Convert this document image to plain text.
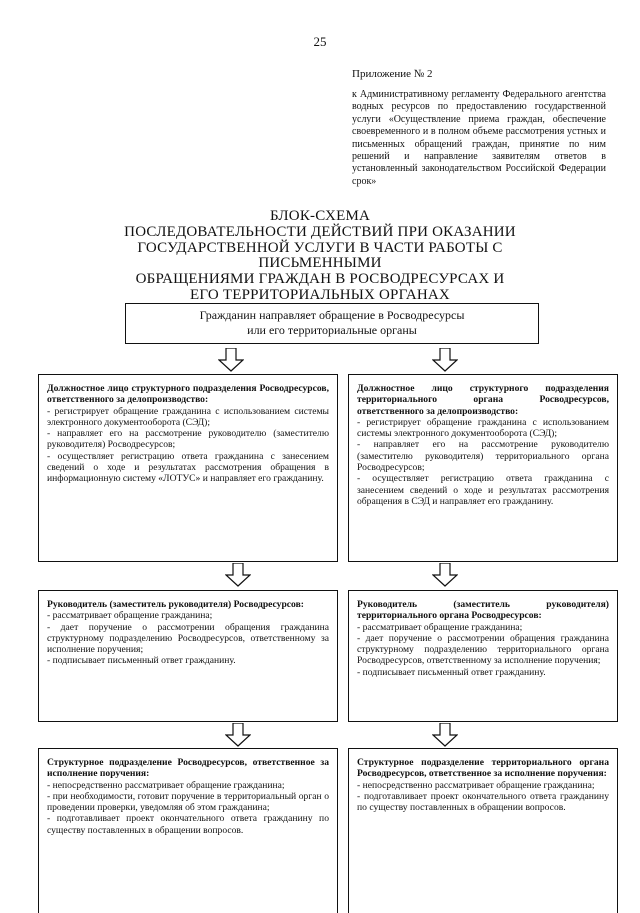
25
Приложение № 2
к Административному регламенту Федерального агентства водных ресурсов по предоставлению государственной услуги «Осуществление приема граждан, обеспечение своевременного и в полном объеме рассмотрения устных и письменных обращений граждан, принятие по ним решений и направление заявителям ответов в установленный законодательством Российской Федерации срок»
БЛОК-СХЕМА
ПОСЛЕДОВАТЕЛЬНОСТИ ДЕЙСТВИЙ ПРИ ОКАЗАНИИ
ГОСУДАРСТВЕННОЙ УСЛУГИ В ЧАСТИ РАБОТЫ С ПИСЬМЕННЫМИ
ОБРАЩЕНИЯМИ ГРАЖДАН В РОСВОДРЕСУРСАХ И
ЕГО ТЕРРИТОРИАЛЬНЫХ ОРГАНАХ
Гражданин направляет обращение в Росводресурсы
или его территориальные органы

Должностное лицо структурного подразделения Росводресурсов, ответственного за делопроизводство:

- регистрирует обращение гражданина с использованием системы электронного документооборота (СЭД);

- направляет его на рассмотрение руководителю (заместителю руководителя) Росводресурсов;

- осуществляет регистрацию ответа гражданина с занесением сведений о ходе и результатах рассмотрения обращения в информационную систему «ЛОТУС» и направляет его гражданину.

Руководитель (заместитель руководителя) Росводресурсов:

- рассматривает обращение гражданина;

- дает поручение о рассмотрении обращения гражданина структурному подразделению Росводресурсов, ответственному за исполнение поручения;

- подписывает письменный ответ гражданину.

Структурное подразделение Росводресурсов, ответственное за исполнение поручения:

- непосредственно рассматривает обращение гражданина;

- при необходимости, готовит поручение в территориальный орган о проведении проверки, уведомляя об этом гражданина;

- подготавливает проект окончательного ответа гражданину по существу поставленных в обращении вопросов.

Должностное лицо структурного подразделения территориального органа Росводресурсов, ответственного за делопроизводство:

- регистрирует обращение гражданина с использованием системы электронного документооборота (СЭД);

- направляет его на рассмотрение руководителю (заместителю руководителя) территориального органа Росводресурсов;

- осуществляет регистрацию ответа гражданина с занесением сведений о ходе и результатах рассмотрения обращения в СЭД и направляет его гражданину.

Руководитель (заместитель руководителя) территориального органа Росводресурсов:

- рассматривает обращение гражданина;

- дает поручение о рассмотрении обращения гражданина структурному подразделению территориального органа Росводресурсов, ответственному за исполнение поручения;

- подписывает письменный ответ гражданину.

Структурное подразделение территориального органа Росводресурсов, ответственное за исполнение поручения:

- непосредственно рассматривает обращение гражданина;

- подготавливает проект окончательного ответа гражданину по существу поставленных в обращении вопросов.
